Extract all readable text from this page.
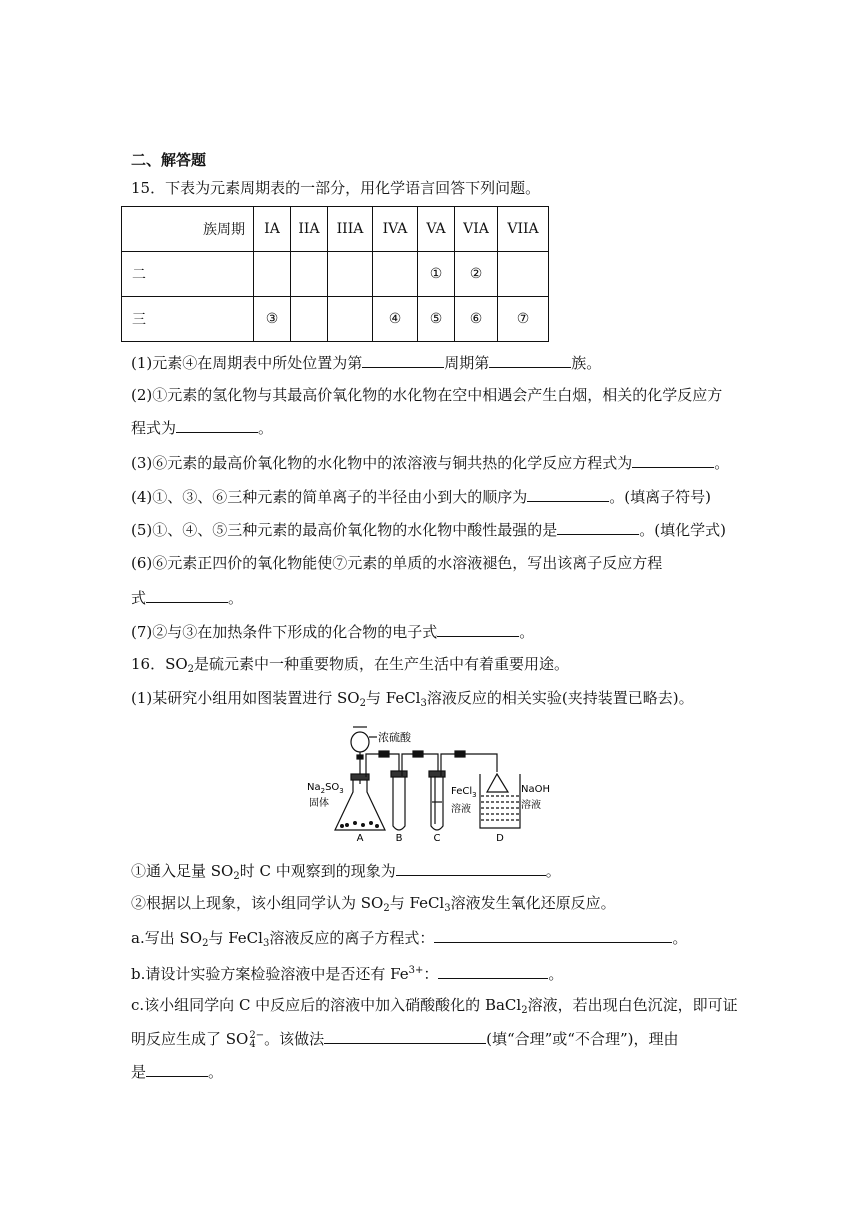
二、解答题
15．下表为元素周期表的一部分，用化学语言回答下列问题。
族周期	IA	IIA	IIIA	IVA	VA	VIA	VIIA
二					①	②	
三	③			④	⑤	⑥	⑦
(1)元素④在周期表中所处位置为第	周期第	族。
(2)①元素的氢化物与其最高价氧化物的水化物在空中相遇会产生白烟，相关的化学反应方
程式为	。
(3)⑥元素的最高价氧化物的水化物中的浓溶液与铜共热的化学反应方程式为	。
(4)①、③、⑥三种元素的简单离子的半径由小到大的顺序为	。(填离子符号)
(5)①、④、⑤三种元素的最高价氧化物的水化物中酸性最强的是	。(填化学式)
(6)⑥元素正四价的氧化物能使⑦元素的单质的水溶液褪色，写出该离子反应方程
式	。
(7)②与③在加热条件下形成的化合物的电子式	。
16．$SO_2$是硫元素中一种重要物质，在生产生活中有着重要用途。
(1)某研究小组用如图装置进行 $SO_2$与 FeCl$_3$溶液反应的相关实验(夹持装置已略去)。
浓硫酸
$Na_2SO_3$
固体
FeCl$_3$
溶液
NaOH
溶液
A	B	C	D
①通入足量 $SO_2$时 C 中观察到的现象为	。
②根据以上现象，该小组同学认为 $SO_2$与 FeCl$_3$溶液发生氧化还原反应。
a.写出 $SO_2$与 FeCl$_3$溶液反应的离子方程式：	。
b.请设计实验方案检验溶液中是否还有 $Fe^{3+}$：	。
c.该小组同学向 C 中反应后的溶液中加入硝酸酸化的 BaCl$_2$溶液，若出现白色沉淀，即可证
明反应生成了 SO 2−
4 。该做法	(填“合理”或“不合理”)，理由
是	。
